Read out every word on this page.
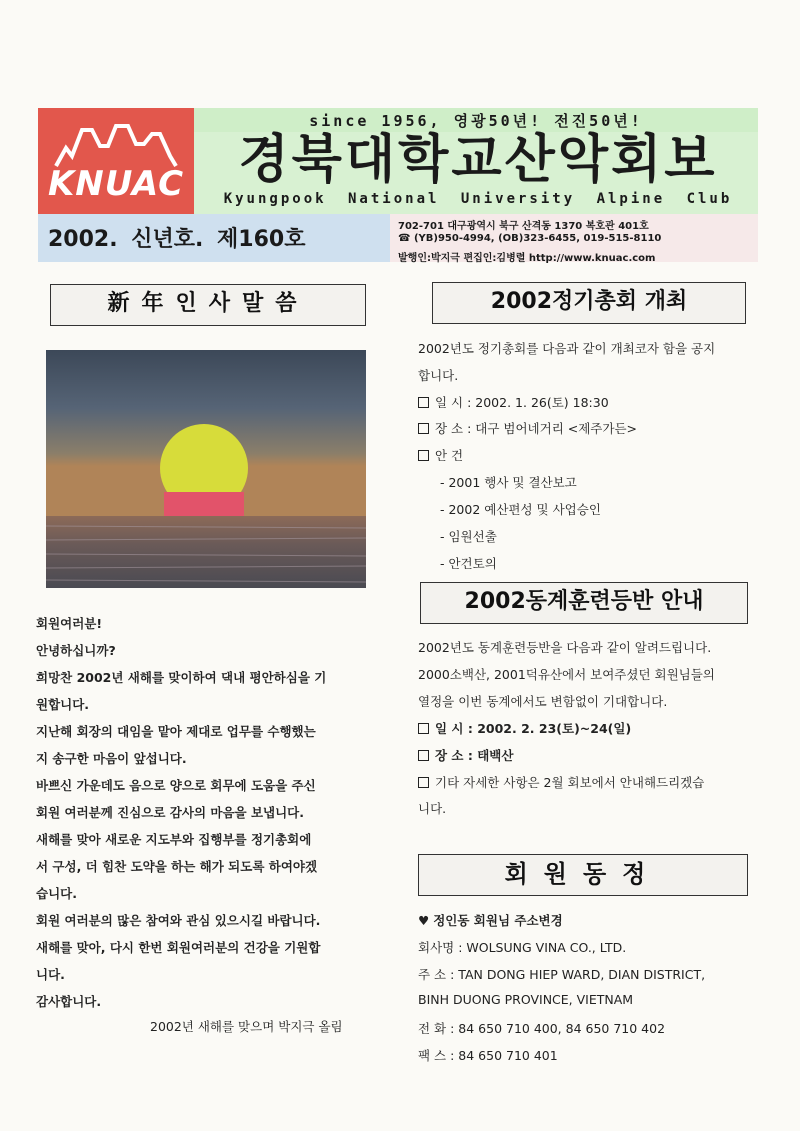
KNUAC
since 1956, 영광50년! 전진50년!
경북대학교산악회보
Kyungpook National University Alpine Club
2002. 신년호. 제160호
702-701 대구광역시 북구 산격동 1370 복호관 401호
☎ (YB)950-4994, (OB)323-6455, 019-515-8110
발행인:박지극 편집인:김병렬 http://www.knuac.com
新年인사말씀
회원여러분!
안녕하십니까?
희망찬 2002년 새해를 맞이하여 댁내 평안하심을 기
원합니다.
지난해 회장의 대임을 맡아 제대로 업무를 수행했는
지 송구한 마음이 앞섭니다.
바쁘신 가운데도 음으로 양으로 회무에 도움을 주신
회원 여러분께 진심으로 감사의 마음을 보냅니다.
새해를 맞아 새로운 지도부와 집행부를 정기총회에
서 구성, 더 힘찬 도약을 하는 해가 되도록 하여야겠
습니다.
회원 여러분의 많은 참여와 관심 있으시길 바랍니다.
새해를 맞아, 다시 한번 회원여러분의 건강을 기원합
니다.
감사합니다.
2002년 새해를 맞으며 박지극 올림
2002정기총회 개최
2002년도 정기총회를 다음과 같이 개최코자 함을 공지
합니다.
일 시 : 2002. 1. 26(토) 18:30
장 소 : 대구 범어네거리 <제주가든>
안 건
- 2001 행사 및 결산보고
- 2002 예산편성 및 사업승인
- 임원선출
- 안건토의
2002동계훈련등반 안내
2002년도 동계훈련등반을 다음과 같이 알려드립니다.
2000소백산, 2001덕유산에서 보여주셨던 회원님들의
열정을 이번 동계에서도 변함없이 기대합니다.
일 시 : 2002. 2. 23(토)~24(일)
장 소 : 태백산
기타 자세한 사항은 2월 회보에서 안내해드리겠습
니다.
회원동정
♥ 정인동 회원님 주소변경
회사명 : WOLSUNG VINA CO., LTD.
주 소 : TAN DONG HIEP WARD, DIAN DISTRICT,
BINH DUONG PROVINCE, VIETNAM
전 화 : 84 650 710 400, 84 650 710 402
팩 스 : 84 650 710 401
